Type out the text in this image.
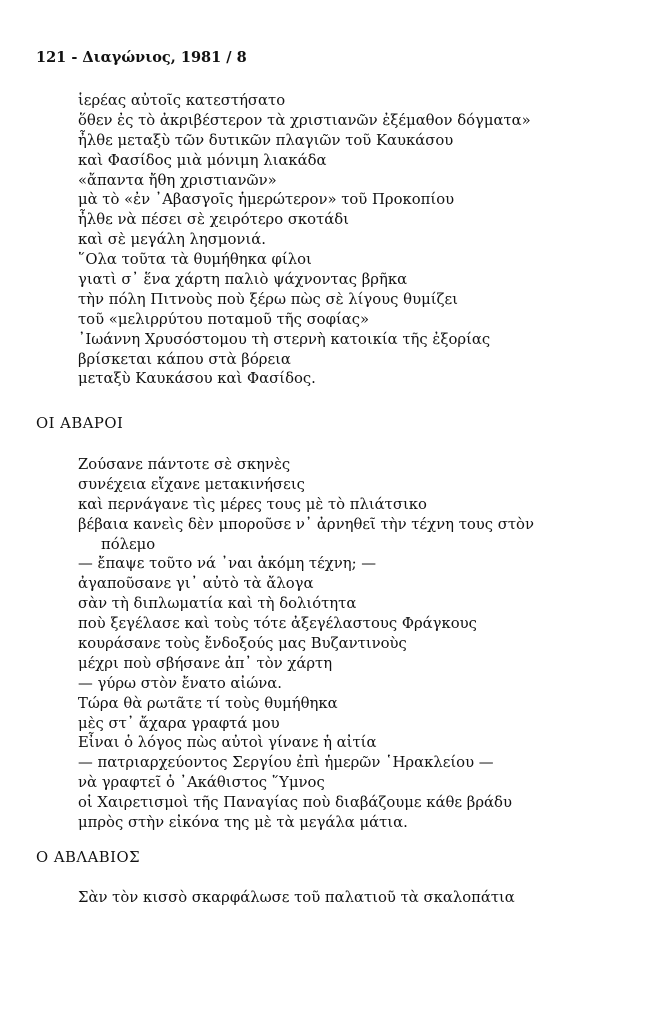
121 - Διαγώνιος, 1981 / 8
ἱερέας αὐτοῖς κατεστήσατο
ὅθεν ἐς τὸ ἀκριβέστερον τὰ χριστιανῶν ἐξέμαθον δόγματα»
ἦλθε μεταξὺ τῶν δυτικῶν πλαγιῶν τοῦ Καυκάσου
καὶ Φασίδος μιὰ μόνιμη λιακάδα
«ἄπαντα ἤθη χριστιανῶν»
μὰ τὸ «ἐν ᾿Αβασγοῖς ἡμερώτερον» τοῦ Προκοπίου
ἦλθε νὰ πέσει σὲ χειρότερο σκοτάδι
καὶ σὲ μεγάλη λησμονιά.
῞Ολα τοῦτα τὰ θυμήθηκα φίλοι
γιατὶ σ᾿ ἕνα χάρτη παλιὸ ψάχνοντας βρῆκα
τὴν πόλη Πιτνοὺς ποὺ ξέρω πὼς σὲ λίγους θυμίζει
τοῦ «μελιρρύτου ποταμοῦ τῆς σοφίας»
᾿Ιωάννη Χρυσόστομου τὴ στερνὴ κατοικία τῆς ἐξορίας
βρίσκεται κάπου στὰ βόρεια
μεταξὺ Καυκάσου καὶ Φασίδος.
ΟΙ ΑΒΑΡΟΙ
Ζούσανε πάντοτε σὲ σκηνὲς
συνέχεια εἴχανε μετακινήσεις
καὶ περνάγανε τὶς μέρες τους μὲ τὸ πλιάτσικο
βέβαια κανεὶς δὲν μποροῦσε ν᾿ ἀρνηθεῖ τὴν τέχνη τους στὸν
πόλεμο
— ἔπαψε τοῦτο νά ᾿ναι ἀκόμη τέχνη; —
ἀγαποῦσανε γι᾿ αὐτὸ τὰ ἄλογα
σὰν τὴ διπλωματία καὶ τὴ δολιότητα
ποὺ ξεγέλασε καὶ τοὺς τότε ἀξεγέλαστους Φράγκους
κουράσανε τοὺς ἔνδοξούς μας Βυζαντινοὺς
μέχρι ποὺ σβήσανε ἀπ᾿ τὸν χάρτη
— γύρω στὸν ἔνατο αἰώνα.
Τώρα θὰ ρωτᾶτε τί τοὺς θυμήθηκα
μὲς στ᾿ ἄχαρα γραφτά μου
Εἶναι ὁ λόγος πὼς αὐτοὶ γίνανε ἡ αἰτία
— πατριαρχεύοντος Σεργίου ἐπὶ ἡμερῶν ῾Ηρακλείου —
νὰ γραφτεῖ ὁ ᾿Ακάθιστος ῞Υμνος
οἱ Χαιρετισμοὶ τῆς Παναγίας ποὺ διαβάζουμε κάθε βράδυ
μπρὸς στὴν εἰκόνα της μὲ τὰ μεγάλα μάτια.
Ο ΑΒΛΑΒΙΟΣ
Σὰν τὸν κισσὸ σκαρφάλωσε τοῦ παλατιοῦ τὰ σκαλοπάτια
